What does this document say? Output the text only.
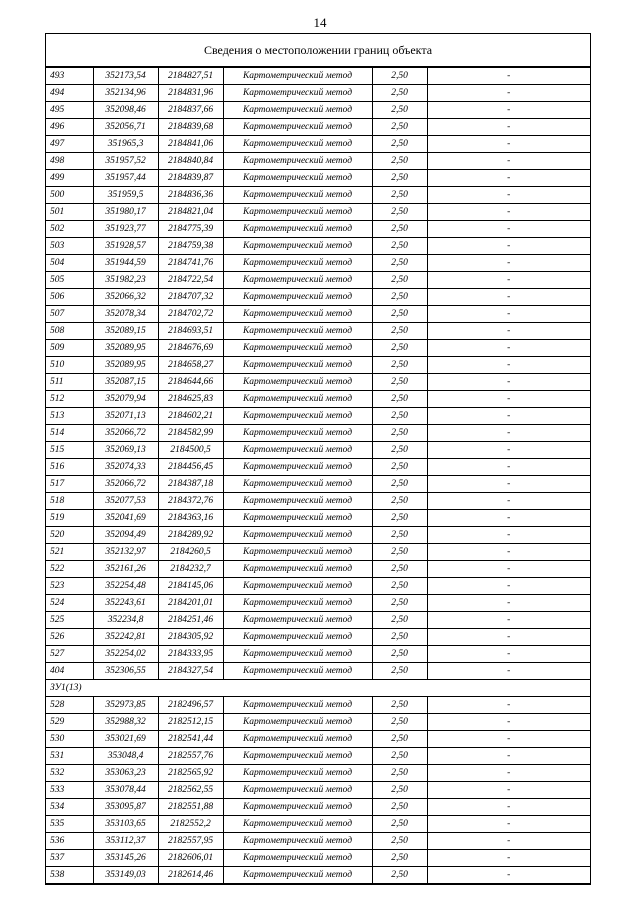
14
Сведения о местоположении границ объекта
493	352173,54	2184827,51	Картометрический метод	2,50	-
494	352134,96	2184831,96	Картометрический метод	2,50	-
495	352098,46	2184837,66	Картометрический метод	2,50	-
496	352056,71	2184839,68	Картометрический метод	2,50	-
497	351965,3	2184841,06	Картометрический метод	2,50	-
498	351957,52	2184840,84	Картометрический метод	2,50	-
499	351957,44	2184839,87	Картометрический метод	2,50	-
500	351959,5	2184836,36	Картометрический метод	2,50	-
501	351980,17	2184821,04	Картометрический метод	2,50	-
502	351923,77	2184775,39	Картометрический метод	2,50	-
503	351928,57	2184759,38	Картометрический метод	2,50	-
504	351944,59	2184741,76	Картометрический метод	2,50	-
505	351982,23	2184722,54	Картометрический метод	2,50	-
506	352066,32	2184707,32	Картометрический метод	2,50	-
507	352078,34	2184702,72	Картометрический метод	2,50	-
508	352089,15	2184693,51	Картометрический метод	2,50	-
509	352089,95	2184676,69	Картометрический метод	2,50	-
510	352089,95	2184658,27	Картометрический метод	2,50	-
511	352087,15	2184644,66	Картометрический метод	2,50	-
512	352079,94	2184625,83	Картометрический метод	2,50	-
513	352071,13	2184602,21	Картометрический метод	2,50	-
514	352066,72	2184582,99	Картометрический метод	2,50	-
515	352069,13	2184500,5	Картометрический метод	2,50	-
516	352074,33	2184456,45	Картометрический метод	2,50	-
517	352066,72	2184387,18	Картометрический метод	2,50	-
518	352077,53	2184372,76	Картометрический метод	2,50	-
519	352041,69	2184363,16	Картометрический метод	2,50	-
520	352094,49	2184289,92	Картометрический метод	2,50	-
521	352132,97	2184260,5	Картометрический метод	2,50	-
522	352161,26	2184232,7	Картометрический метод	2,50	-
523	352254,48	2184145,06	Картометрический метод	2,50	-
524	352243,61	2184201,01	Картометрический метод	2,50	-
525	352234,8	2184251,46	Картометрический метод	2,50	-
526	352242,81	2184305,92	Картометрический метод	2,50	-
527	352254,02	2184333,95	Картометрический метод	2,50	-
404	352306,55	2184327,54	Картометрический метод	2,50	-
ЗУ1(13)					
528	352973,85	2182496,57	Картометрический метод	2,50	-
529	352988,32	2182512,15	Картометрический метод	2,50	-
530	353021,69	2182541,44	Картометрический метод	2,50	-
531	353048,4	2182557,76	Картометрический метод	2,50	-
532	353063,23	2182565,92	Картометрический метод	2,50	-
533	353078,44	2182562,55	Картометрический метод	2,50	-
534	353095,87	2182551,88	Картометрический метод	2,50	-
535	353103,65	2182552,2	Картометрический метод	2,50	-
536	353112,37	2182557,95	Картометрический метод	2,50	-
537	353145,26	2182606,01	Картометрический метод	2,50	-
538	353149,03	2182614,46	Картометрический метод	2,50	-
